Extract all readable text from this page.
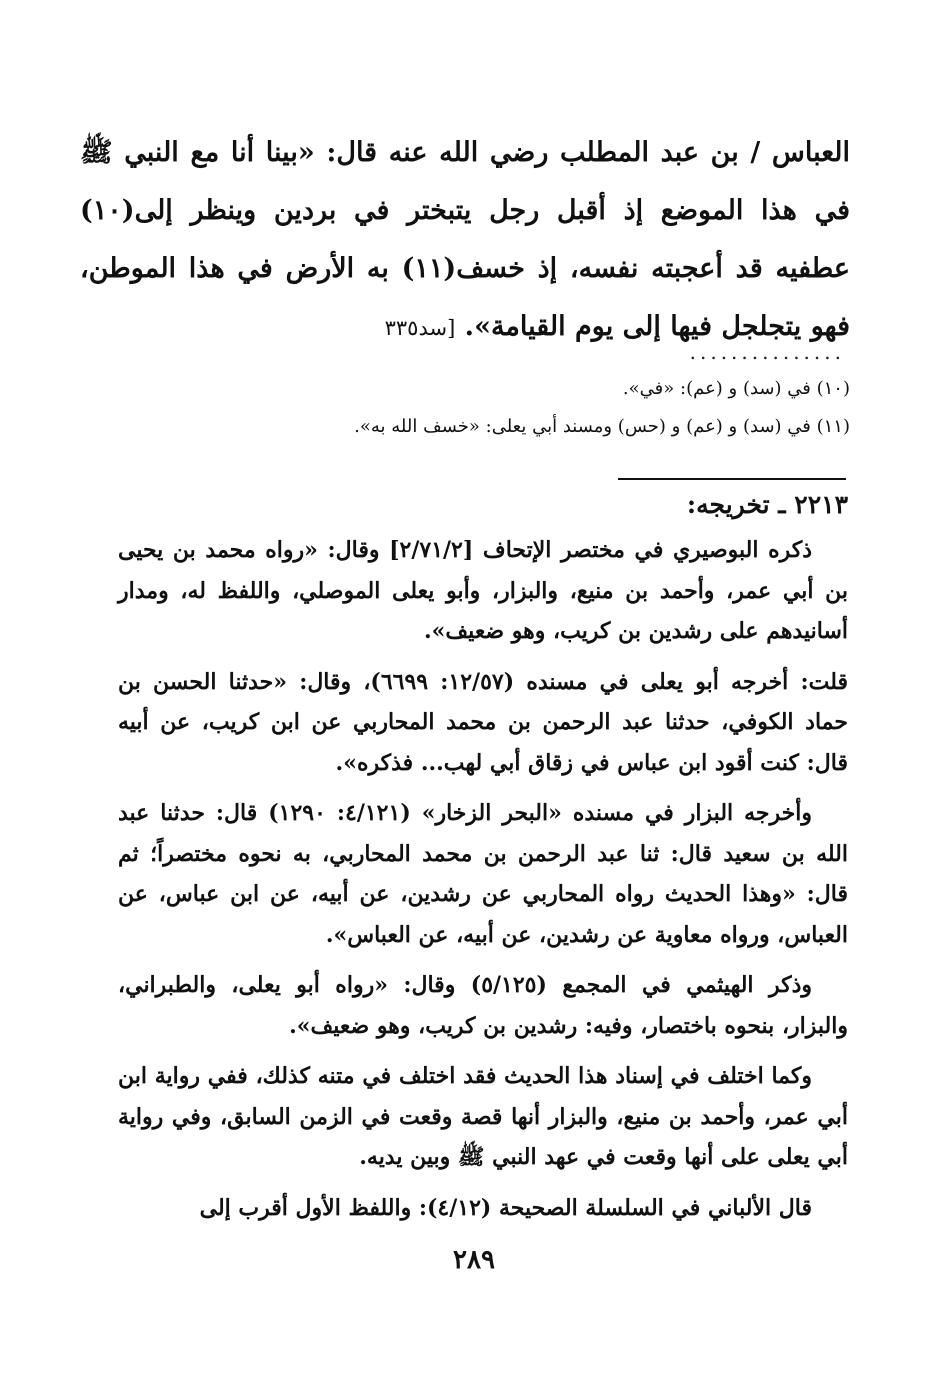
العباس / بن عبد المطلب رضي الله عنه قال: «بينا أنا مع النبي ﷺ في هذا الموضع إذ أقبل رجل يتبختر في بردين وينظر إلى(١٠) عطفيه قد أعجبته نفسه، إذ خسف(١١) به الأرض في هذا الموطن، فهو يتجلجل فيها إلى يوم القيامة». [سد٣٣٥
...............
(١٠) في (سد) و (عم): «في».
(١١) في (سد) و (عم) و (حس) ومسند أبي يعلى: «خسف الله به».
٢٢١٣ ـ تخريجه:

ذكره البوصيري في مختصر الإتحاف [٢/٧١/٢] وقال: «رواه محمد بن يحيى بن أبي عمر، وأحمد بن منيع، والبزار، وأبو يعلى الموصلي، واللفظ له، ومدار أسانيدهم على رشدين بن كريب، وهو ضعيف».

قلت: أخرجه أبو يعلى في مسنده (١٢/٥٧: ٦٦٩٩)، وقال: «حدثنا الحسن بن حماد الكوفي، حدثنا عبد الرحمن بن محمد المحاربي عن ابن كريب، عن أبيه قال: كنت أقود ابن عباس في زقاق أبي لهب... فذكره».

وأخرجه البزار في مسنده «البحر الزخار» (٤/١٢١: ١٢٩٠) قال: حدثنا عبد الله بن سعيد قال: ثنا عبد الرحمن بن محمد المحاربي، به نحوه مختصراً؛ ثم قال: «وهذا الحديث رواه المحاربي عن رشدين، عن أبيه، عن ابن عباس، عن العباس، ورواه معاوية عن رشدين، عن أبيه، عن العباس».

وذكر الهيثمي في المجمع (٥/١٢٥) وقال: «رواه أبو يعلى، والطبراني، والبزار، بنحوه باختصار، وفيه: رشدين بن كريب، وهو ضعيف».

وكما اختلف في إسناد هذا الحديث فقد اختلف في متنه كذلك، ففي رواية ابن أبي عمر، وأحمد بن منيع، والبزار أنها قصة وقعت في الزمن السابق، وفي رواية أبي يعلى على أنها وقعت في عهد النبي ﷺ وبين يديه.

قال الألباني في السلسلة الصحيحة (٤/١٢): واللفظ الأول أقرب إلى

٢٨٩
